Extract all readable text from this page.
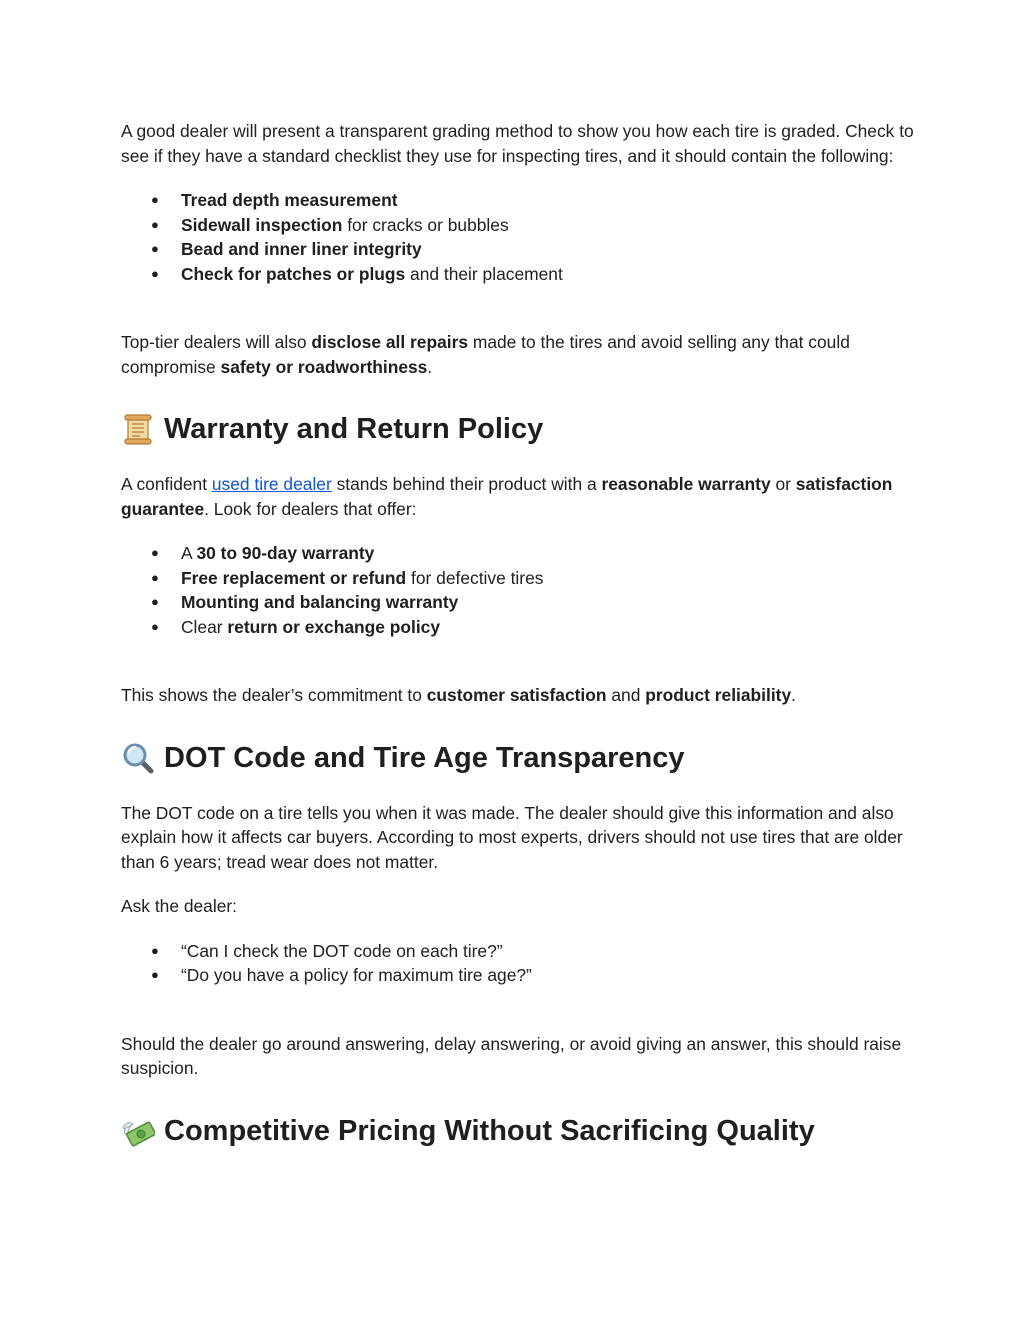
A good dealer will present a transparent grading method to show you how each tire is graded. Check to see if they have a standard checklist they use for inspecting tires, and it should contain the following:

● Tread depth measurement
● Sidewall inspection for cracks or bubbles
● Bead and inner liner integrity
● Check for patches or plugs and their placement

Top-tier dealers will also disclose all repairs made to the tires and avoid selling any that could compromise safety or roadworthiness.

Warranty and Return Policy

A confident used tire dealer stands behind their product with a reasonable warranty or satisfaction guarantee. Look for dealers that offer:

● A 30 to 90-day warranty
● Free replacement or refund for defective tires
● Mounting and balancing warranty
● Clear return or exchange policy

This shows the dealer’s commitment to customer satisfaction and product reliability.

DOT Code and Tire Age Transparency

The DOT code on a tire tells you when it was made. The dealer should give this information and also explain how it affects car buyers. According to most experts, drivers should not use tires that are older than 6 years; tread wear does not matter.

Ask the dealer:

● “Can I check the DOT code on each tire?”
● “Do you have a policy for maximum tire age?”

Should the dealer go around answering, delay answering, or avoid giving an answer, this should raise suspicion.

Competitive Pricing Without Sacrificing Quality
